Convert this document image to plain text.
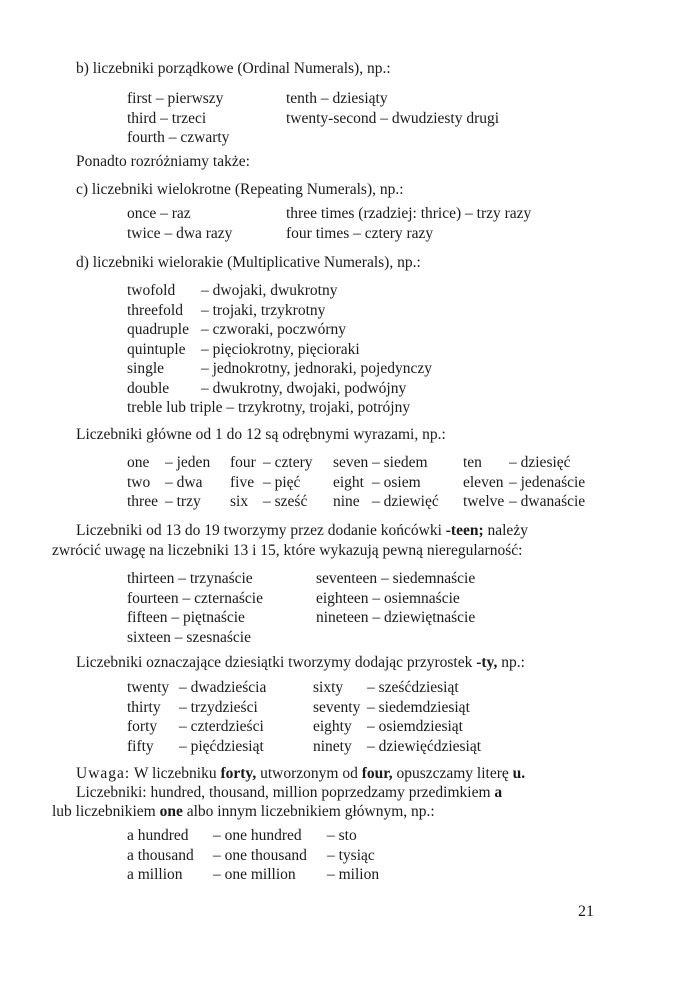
b) liczebniki porządkowe (Ordinal Numerals), np.:
first – pierwszy	tenth – dziesiąty
third – trzeci	twenty-second – dwudziesty drugi
fourth – czwarty
Ponadto rozróżniamy także:
c) liczebniki wielokrotne (Repeating Numerals), np.:
once – raz	three times (rzadziej: thrice) – trzy razy
twice – dwa razy	four times – cztery razy
d) liczebniki wielorakie (Multiplicative Numerals), np.:
twofold – dwojaki, dwukrotny
threefold – trojaki, trzykrotny
quadruple – czworaki, poczwórny
quintuple – pięciokrotny, pięcioraki
single – jednokrotny, jednoraki, pojedynczy
double – dwukrotny, dwojaki, podwójny
treble lub triple – trzykrotny, trojaki, potrójny
Liczebniki główne od 1 do 12 są odrębnymi wyrazami, np.:
one – jeden four – cztery seven – siedem ten – dziesięć
two – dwa five – pięć eight – osiem	eleven – jedenaście
three – trzy six – sześć nine – dziewięć twelve – dwanaście
Liczebniki od 13 do 19 tworzymy przez dodanie końcówki -teen; należy
zwrócić uwagę na liczebniki 13 i 15, które wykazują pewną nieregularność:
thirteen – trzynaście	seventeen – siedemnaście
fourteen – czternaście	eighteen – osiemnaście
fifteen – piętnaście	nineteen – dziewiętnaście
sixteen – szesnaście
Liczebniki oznaczające dziesiątki tworzymy dodając przyrostek -ty, np.:
twenty – dwadzieścia	sixty – sześćdziesiąt
thirty – trzydzieści	seventy – siedemdziesiąt
forty – czterdzieści	eighty – osiemdziesiąt
fifty – pięćdziesiąt	ninety – dziewięćdziesiąt
Uwaga: W liczebniku forty, utworzonym od four, opuszczamy literę u.
Liczebniki: hundred, thousand, million poprzedzamy przedimkiem a
lub liczebnikiem one albo innym liczebnikiem głównym, np.:
a hundred – one hundred – sto
a thousand – one thousand – tysiąc
a million – one million – milion
21
